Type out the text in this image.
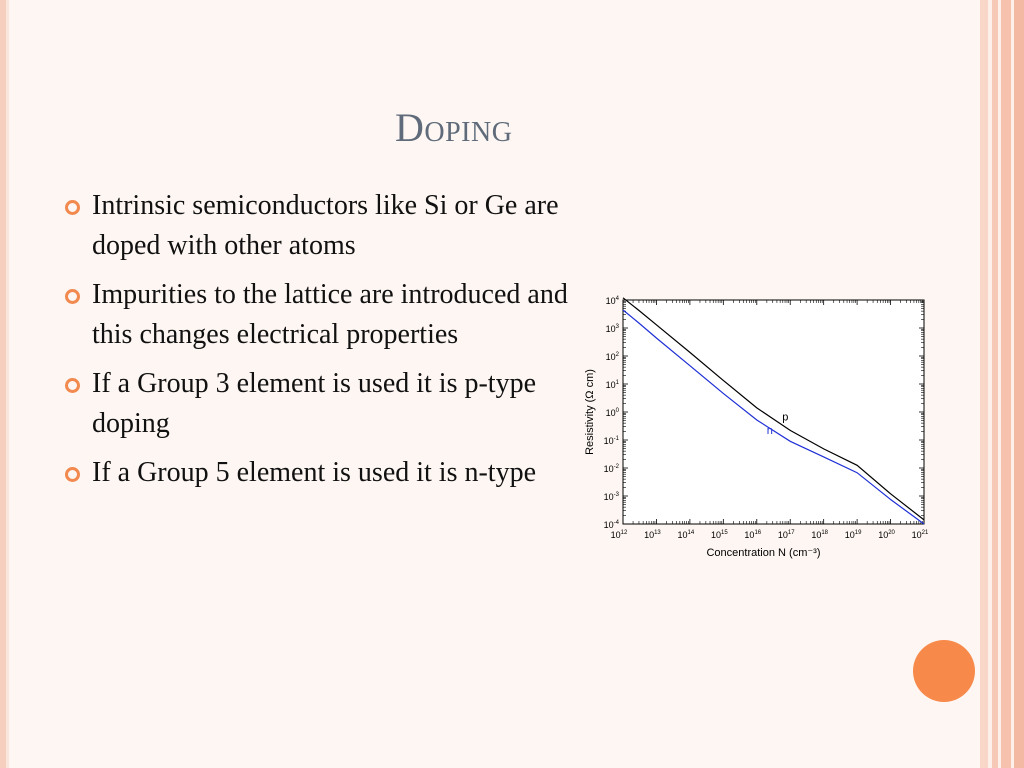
Doping
Intrinsic semiconductors like Si or Ge are doped with other atoms
Impurities to the lattice are introduced and this changes electrical properties
If a Group 3 element is used it is p-type doping
If a Group 5 element is used it is n-type
$10^{12}$ $10^{13}$ $10^{14}$ $10^{15}$ $10^{16}$ $10^{17}$ $10^{18}$ $10^{19}$ $10^{20}$ $10^{21}$
$10^{-4}$
$10^{-3}$
$10^{-2}$
$10^{-1}$
$10^0$
$10^1$
$10^2$
$10^3$
$10^4$
p
n
Concentration N (cm⁻³)
Resistivity (Ω cm)
